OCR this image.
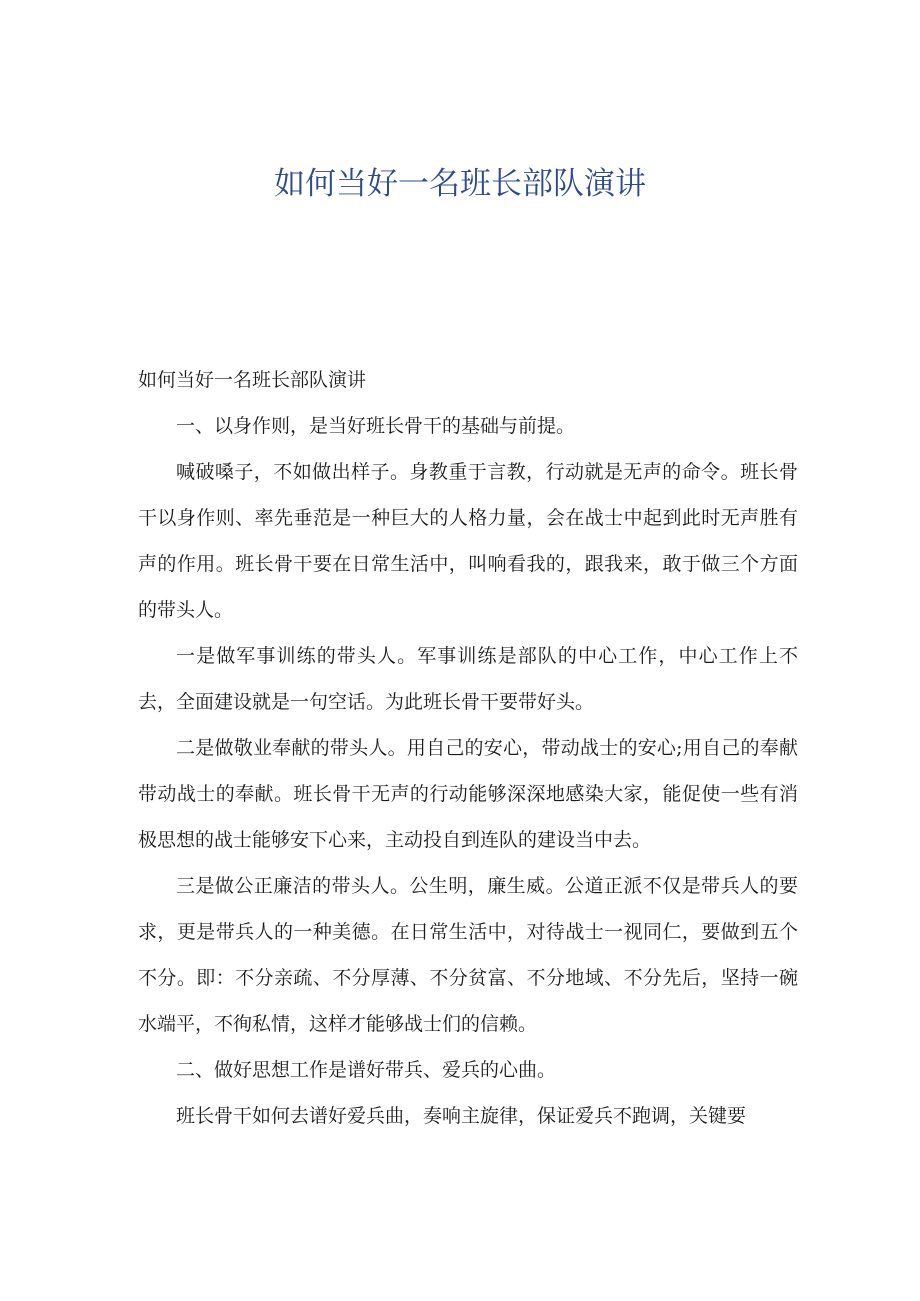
如何当好一名班长部队演讲

如何当好一名班长部队演讲

一、以身作则，是当好班长骨干的基础与前提。

喊破嗓子，不如做出样子。身教重于言教，行动就是无声的命令。班长骨干以身作则、率先垂范是一种巨大的人格力量，会在战士中起到此时无声胜有声的作用。班长骨干要在日常生活中，叫响看我的，跟我来，敢于做三个方面的带头人。

一是做军事训练的带头人。军事训练是部队的中心工作，中心工作上不去，全面建设就是一句空话。为此班长骨干要带好头。

二是做敬业奉献的带头人。用自己的安心，带动战士的安心;用自己的奉献带动战士的奉献。班长骨干无声的行动能够深深地感染大家，能促使一些有消极思想的战士能够安下心来，主动投自到连队的建设当中去。

三是做公正廉洁的带头人。公生明，廉生威。公道正派不仅是带兵人的要求，更是带兵人的一种美德。在日常生活中，对待战士一视同仁，要做到五个不分。即：不分亲疏、不分厚薄、不分贫富、不分地域、不分先后，坚持一碗水端平，不徇私情，这样才能够战士们的信赖。

二、做好思想工作是谱好带兵、爱兵的心曲。

班长骨干如何去谱好爱兵曲，奏响主旋律，保证爱兵不跑调，关键要
